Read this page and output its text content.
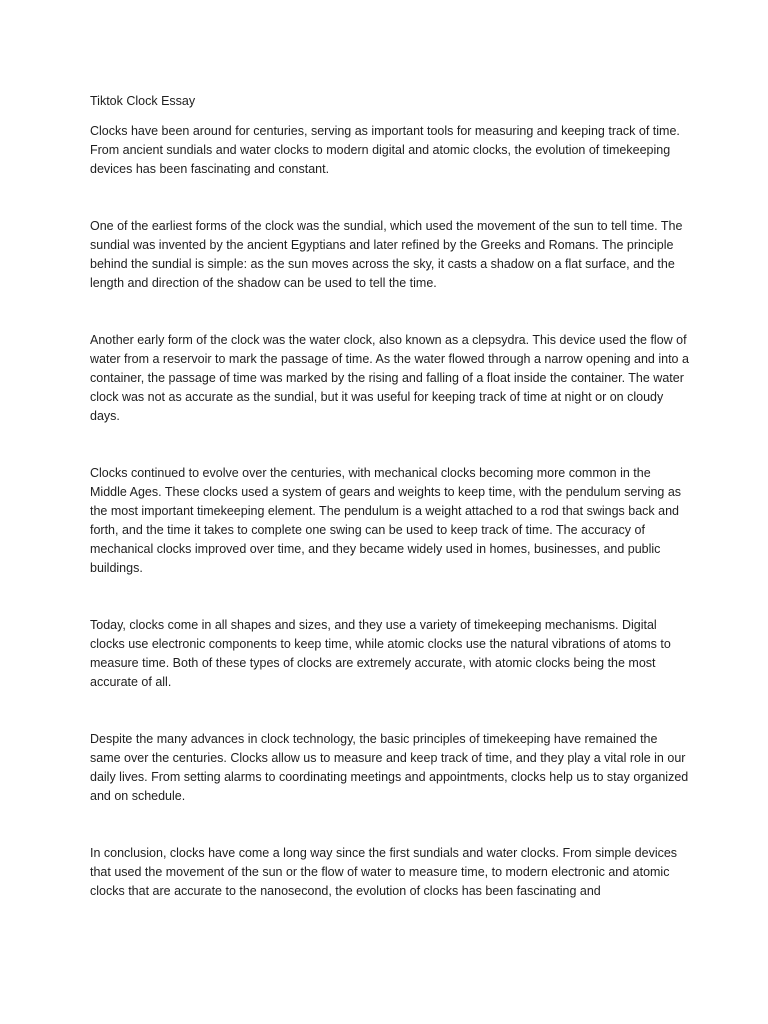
Tiktok Clock Essay

Clocks have been around for centuries, serving as important tools for measuring and keeping track of time. From ancient sundials and water clocks to modern digital and atomic clocks, the evolution of timekeeping devices has been fascinating and constant.

One of the earliest forms of the clock was the sundial, which used the movement of the sun to tell time. The sundial was invented by the ancient Egyptians and later refined by the Greeks and Romans. The principle behind the sundial is simple: as the sun moves across the sky, it casts a shadow on a flat surface, and the length and direction of the shadow can be used to tell the time.

Another early form of the clock was the water clock, also known as a clepsydra. This device used the flow of water from a reservoir to mark the passage of time. As the water flowed through a narrow opening and into a container, the passage of time was marked by the rising and falling of a float inside the container. The water clock was not as accurate as the sundial, but it was useful for keeping track of time at night or on cloudy days.

Clocks continued to evolve over the centuries, with mechanical clocks becoming more common in the Middle Ages. These clocks used a system of gears and weights to keep time, with the pendulum serving as the most important timekeeping element. The pendulum is a weight attached to a rod that swings back and forth, and the time it takes to complete one swing can be used to keep track of time. The accuracy of mechanical clocks improved over time, and they became widely used in homes, businesses, and public buildings.

Today, clocks come in all shapes and sizes, and they use a variety of timekeeping mechanisms. Digital clocks use electronic components to keep time, while atomic clocks use the natural vibrations of atoms to measure time. Both of these types of clocks are extremely accurate, with atomic clocks being the most accurate of all.

Despite the many advances in clock technology, the basic principles of timekeeping have remained the same over the centuries. Clocks allow us to measure and keep track of time, and they play a vital role in our daily lives. From setting alarms to coordinating meetings and appointments, clocks help us to stay organized and on schedule.

In conclusion, clocks have come a long way since the first sundials and water clocks. From simple devices that used the movement of the sun or the flow of water to measure time, to modern electronic and atomic clocks that are accurate to the nanosecond, the evolution of clocks has been fascinating and
